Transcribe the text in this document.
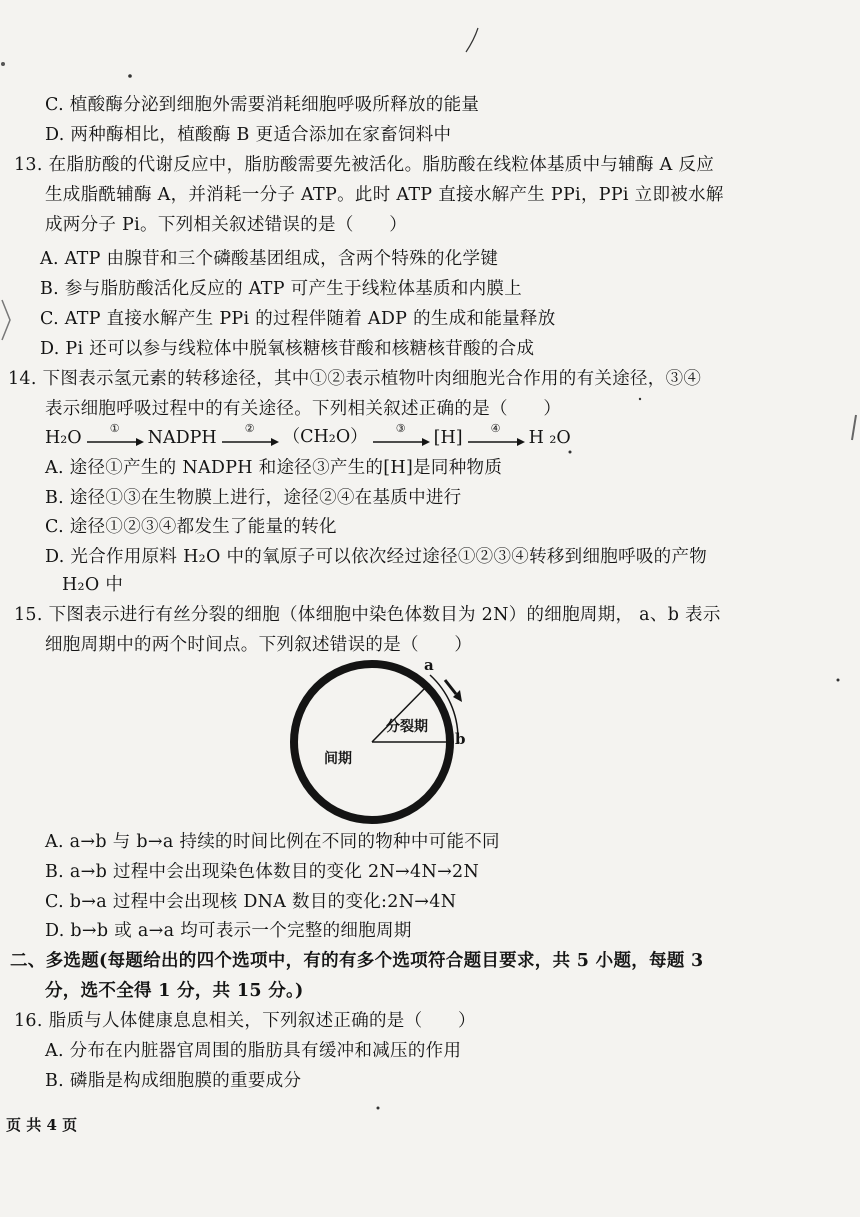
C. 植酸酶分泌到细胞外需要消耗细胞呼吸所释放的能量
D. 两种酶相比，植酸酶 B 更适合添加在家畜饲料中
13. 在脂肪酸的代谢反应中，脂肪酸需要先被活化。脂肪酸在线粒体基质中与辅酶 A 反应
生成脂酰辅酶 A，并消耗一分子 ATP。此时 ATP 直接水解产生 PPi，PPi 立即被水解
成两分子 Pi。下列相关叙述错误的是（　　）
A. ATP 由腺苷和三个磷酸基团组成，含两个特殊的化学键
B. 参与脂肪酸活化反应的 ATP 可产生于线粒体基质和内膜上
C. ATP 直接水解产生 PPi 的过程伴随着 ADP 的生成和能量释放
D. Pi 还可以参与线粒体中脱氧核糖核苷酸和核糖核苷酸的合成
14. 下图表示氢元素的转移途径，其中①②表示植物叶肉细胞光合作用的有关途径，③④
表示细胞呼吸过程中的有关途径。下列相关叙述正确的是（　　）
H₂O	①	NADPH	②	（CH₂O）	③	[H]	④	H ₂O
A. 途径①产生的 NADPH 和途径③产生的[H]是同种物质
B. 途径①③在生物膜上进行，途径②④在基质中进行
C. 途径①②③④都发生了能量的转化
D. 光合作用原料 H₂O 中的氧原子可以依次经过途径①②③④转移到细胞呼吸的产物
H₂O 中
15. 下图表示进行有丝分裂的细胞（体细胞中染色体数目为 2N）的细胞周期， a、b 表示
细胞周期中的两个时间点。下列叙述错误的是（　　）
a
b
分裂期
间期
A. a→b 与 b→a 持续的时间比例在不同的物种中可能不同
B. a→b 过程中会出现染色体数目的变化 2N→4N→2N
C. b→a 过程中会出现核 DNA 数目的变化:2N→4N
D. b→b 或 a→a 均可表示一个完整的细胞周期
二、多选题(每题给出的四个选项中，有的有多个选项符合题目要求，共 5 小题，每题 3
分，选不全得 1 分，共 15 分。)
16. 脂质与人体健康息息相关，下列叙述正确的是（　　）
A. 分布在内脏器官周围的脂肪具有缓冲和减压的作用
B. 磷脂是构成细胞膜的重要成分
页 共 4 页
